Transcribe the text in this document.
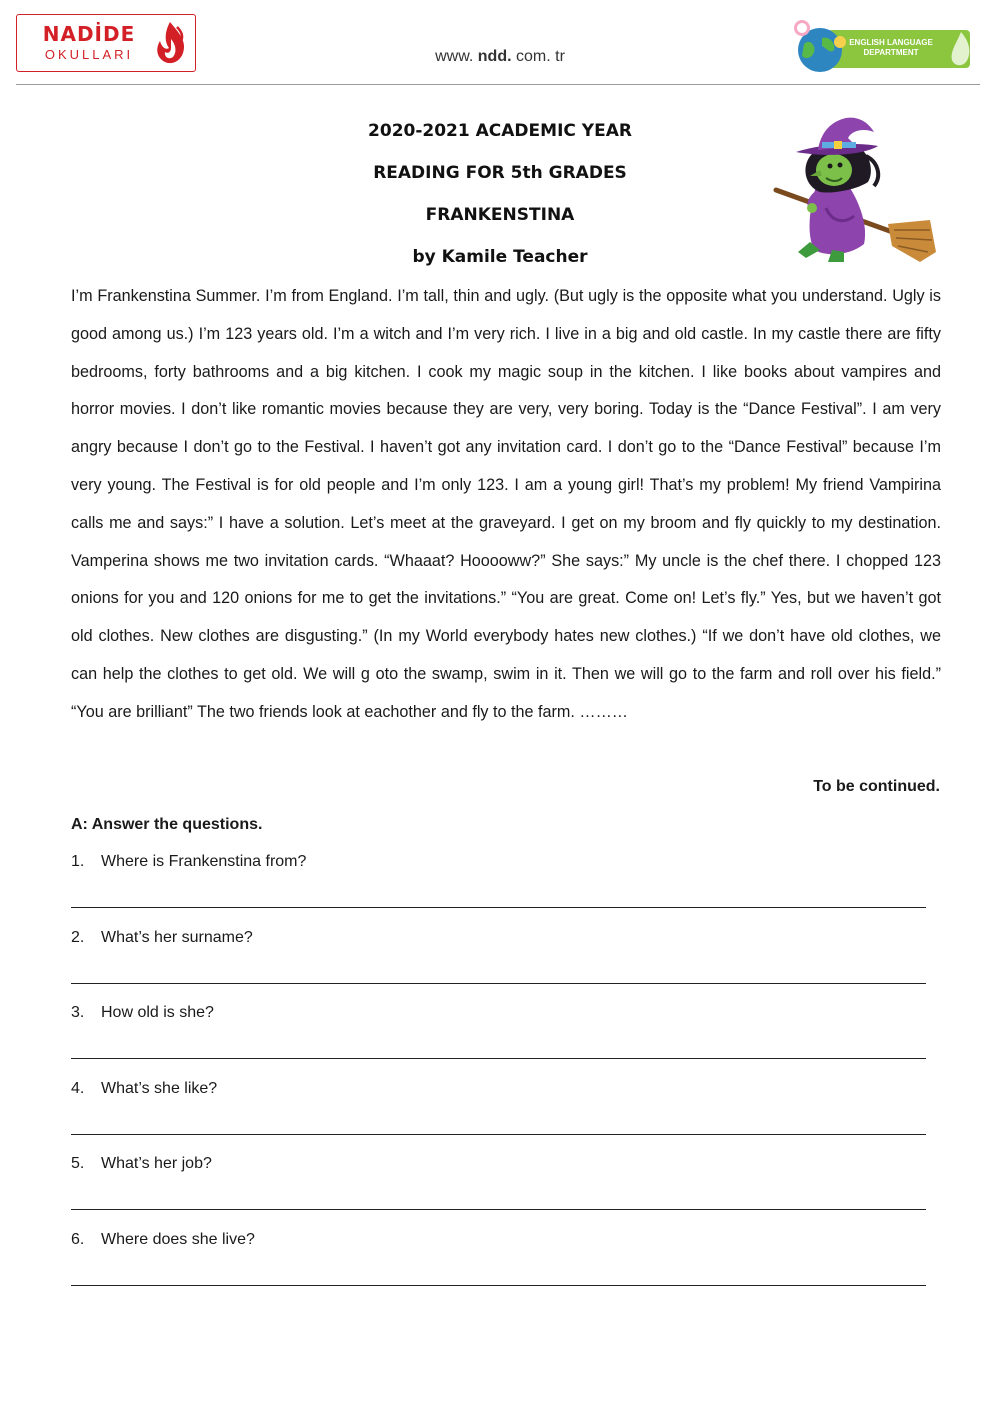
NADİDE
OKULLARI	www. ndd. com. tr
ENGLISH LANGUAGE
DEPARTMENT
2020-2021 ACADEMIC YEAR
READING FOR 5th GRADES
FRANKENSTINA
by Kamile Teacher

I’m Frankenstina Summer. I’m from England. I’m tall, thin and ugly. (But ugly is the opposite what you understand. Ugly is good among us.) I’m 123 years old. I’m a witch and I’m very rich. I live in a big and old castle. In my castle there are fifty bedrooms, forty bathrooms and a big kitchen. I cook my magic soup in the kitchen. I like books about vampires and horror movies. I don’t like romantic movies because they are very, very boring. Today is the “Dance Festival”. I am very angry because I don’t go to the Festival. I haven’t got any invitation card. I don’t go to the “Dance Festival” because I’m very young. The Festival is for old people and I’m only 123. I am a young girl! That’s my problem! My friend Vampirina calls me and says:” I have a solution. Let’s meet at the graveyard. I get on my broom and fly quickly to my destination. Vamperina shows me two invitation cards. “Whaaat? Hooooww?” She says:” My uncle is the chef there. I chopped 123 onions for you and 120 onions for me to get the invitations.” “You are great. Come on! Let’s fly.” Yes, but we haven’t got old clothes. New clothes are disgusting.” (In my World everybody hates new clothes.) “If we don’t have old clothes, we can help the clothes to get old. We will g oto the swamp, swim in it. Then we will go to the farm and roll over his field.” “You are brilliant” The two friends look at eachother and fly to the farm. ………

To be continued.
A: Answer the questions.
1. Where is Frankenstina from?
2. What’s her surname?
3. How old is she?
4. What’s she like?
5. What’s her job?
6. Where does she live?
